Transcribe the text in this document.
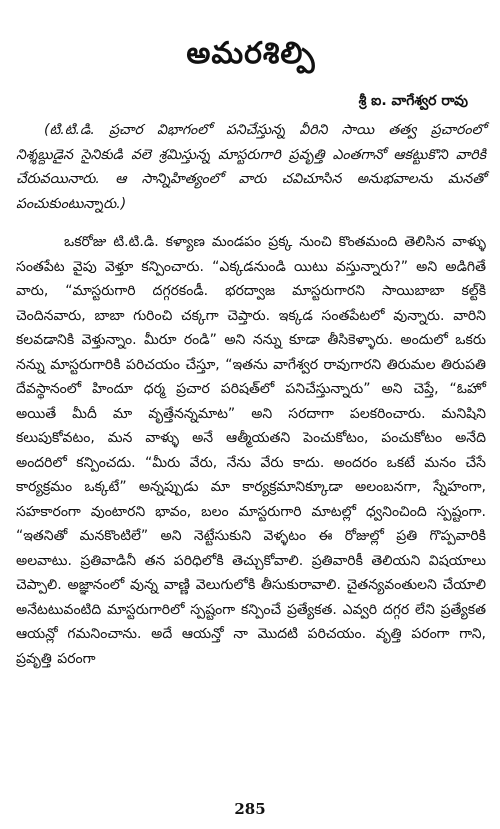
అమరశిల్పి
శ్రీ ఐ. వాగేశ్వర రావు

(టి.టి.డి. ప్రచార విభాగంలో పనిచేస్తున్న వీరిని సాయి తత్వ ప్రచారంలో నిశ్శబ్దుడైన సైనికుడి వలె శ్రమిస్తున్న మాస్టరుగారి ప్రవృత్తి ఎంతగానో ఆకట్టుకొని వారికి చేరువయినారు. ఆ సాన్నిహిత్యంలో వారు చవిచూసిన అనుభవాలను మనతో పంచుకుంటున్నారు.)

ఒకరోజు టి.టి.డి. కళ్యాణ మండపం ప్రక్క నుంచి కొంతమంది తెలిసిన వాళ్ళు సంతపేట వైపు వెళ్తూ కన్పించారు. “ఎక్కడనుండి యిటు వస్తున్నారు?” అని అడిగితే వారు, “మాస్టరుగారి దగ్గరకండీ. భరద్వాజ మాస్టరుగారని సాయిబాబా కల్ట్‌కి చెందినవారు, బాబా గురించి చక్కగా చెప్తారు. ఇక్కడ సంతపేటలో వున్నారు. వారిని కలవడానికి వెళ్తున్నాం. మీరూ రండి” అని నన్ను కూడా తీసికెళ్ళారు. అందులో ఒకరు నన్ను మాస్టరుగారికి పరిచయం చేస్తూ, “ఇతను వాగేశ్వర రావుగారని తిరుమల తిరుపతి దేవస్థానంలో హిందూ ధర్మ ప్రచార పరిషత్‌లో పనిచేస్తున్నారు” అని చెప్తే, “ఓహో అయితే మీదీ మా వృత్తేనన్నమాట” అని సరదాగా పలకరించారు. మనిషిని కలుపుకోవటం, మన వాళ్ళు అనే ఆత్మీయతని పెంచుకోటం, పంచుకోటం అనేది అందరిలో కన్పించదు. “మీరు వేరు, నేను వేరు కాదు. అందరం ఒకటే మనం చేసే కార్యక్రమం ఒక్కటే” అన్నప్పుడు మా కార్యక్రమానిక్కూడా అలంబనగా, స్నేహంగా, సహకారంగా వుంటారని భావం, బలం మాస్టరుగారి మాటల్లో ధ్వనించింది స్పష్టంగా. “ఇతనితో మనకొంటిలే” అని నెట్టేసుకుని వెళ్ళటం ఈ రోజుల్లో ప్రతి గొప్పవారికి అలవాటు. ప్రతివాడినీ తన పరిధిలోకి తెచ్చుకోవాలి. ప్రతివారికీ తెలియని విషయాలు చెప్పాలి. అజ్ఞానంలో వున్న వాణ్ణి వెలుగులోకి తీసుకురావాలి. చైతన్యవంతులని చేయాలి అనేటటువంటిది మాస్టరుగారిలో స్పష్టంగా కన్పించే ప్రత్యేకత. ఎవ్వరి దగ్గర లేని ప్రత్యేకత ఆయన్లో గమనించాను. అదే ఆయన్తో నా మొదటి పరిచయం. వృత్తి పరంగా గాని, ప్రవృత్తి పరంగా

285
